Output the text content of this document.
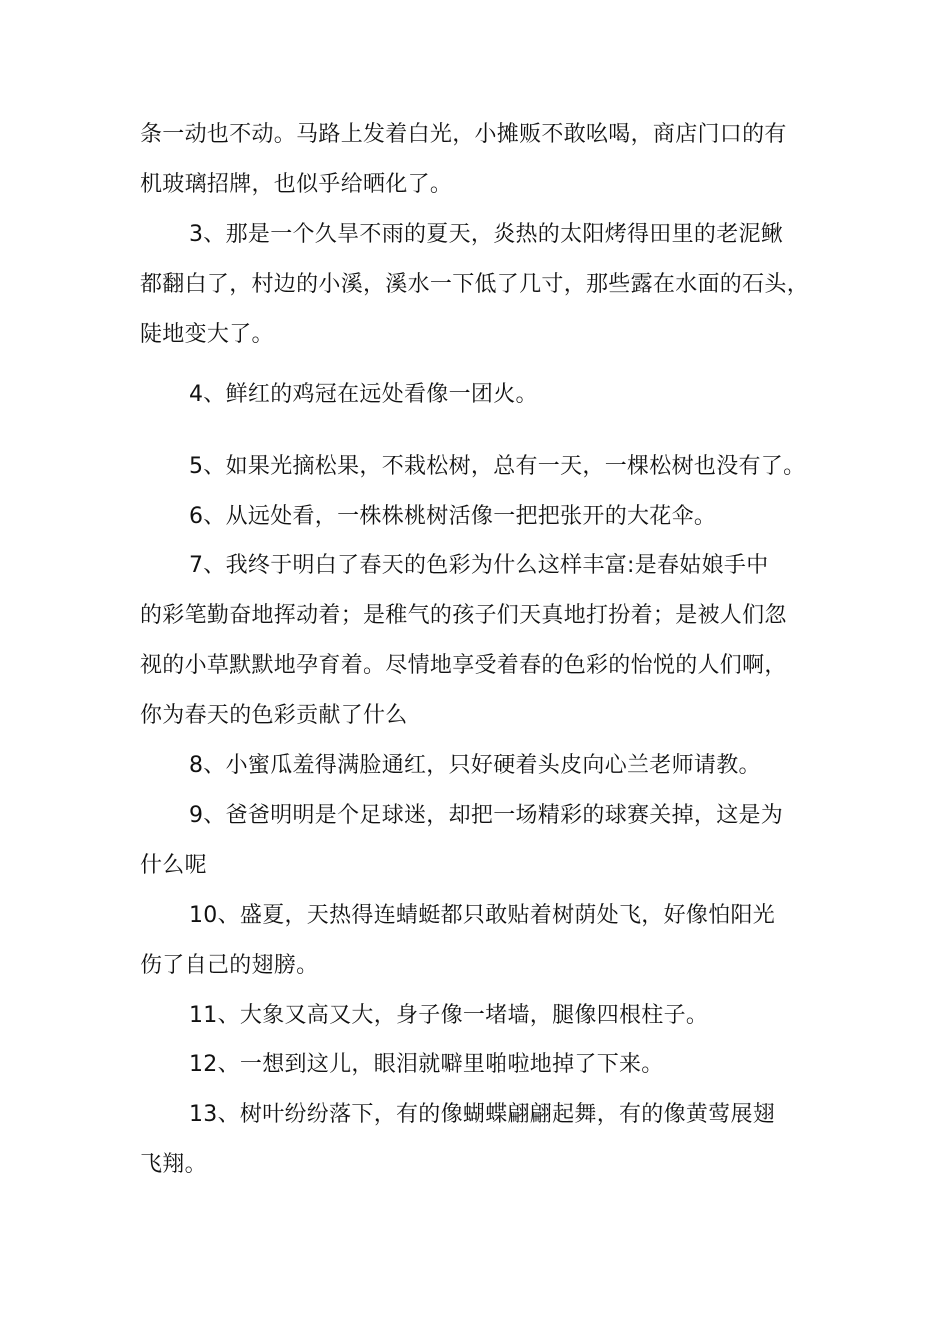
条一动也不动。马路上发着白光，小摊贩不敢吆喝，商店门口的有

机玻璃招牌，也似乎给晒化了。

3、那是一个久旱不雨的夏天，炎热的太阳烤得田里的老泥鳅

都翻白了，村边的小溪，溪水一下低了几寸，那些露在水面的石头，

陡地变大了。

4、鲜红的鸡冠在远处看像一团火。

5、如果光摘松果，不栽松树，总有一天，一棵松树也没有了。

6、从远处看，一株株桃树活像一把把张开的大花伞。

7、我终于明白了春天的色彩为什么这样丰富:是春姑娘手中

的彩笔勤奋地挥动着；是稚气的孩子们天真地打扮着；是被人们忽

视的小草默默地孕育着。尽情地享受着春的色彩的怡悦的人们啊，

你为春天的色彩贡献了什么

8、小蜜瓜羞得满脸通红，只好硬着头皮向心兰老师请教。

9、爸爸明明是个足球迷，却把一场精彩的球赛关掉，这是为

什么呢

10、盛夏，天热得连蜻蜓都只敢贴着树荫处飞，好像怕阳光

伤了自己的翅膀。

11、大象又高又大，身子像一堵墙，腿像四根柱子。

12、一想到这儿，眼泪就噼里啪啦地掉了下来。

13、树叶纷纷落下，有的像蝴蝶翩翩起舞，有的像黄莺展翅

飞翔。
